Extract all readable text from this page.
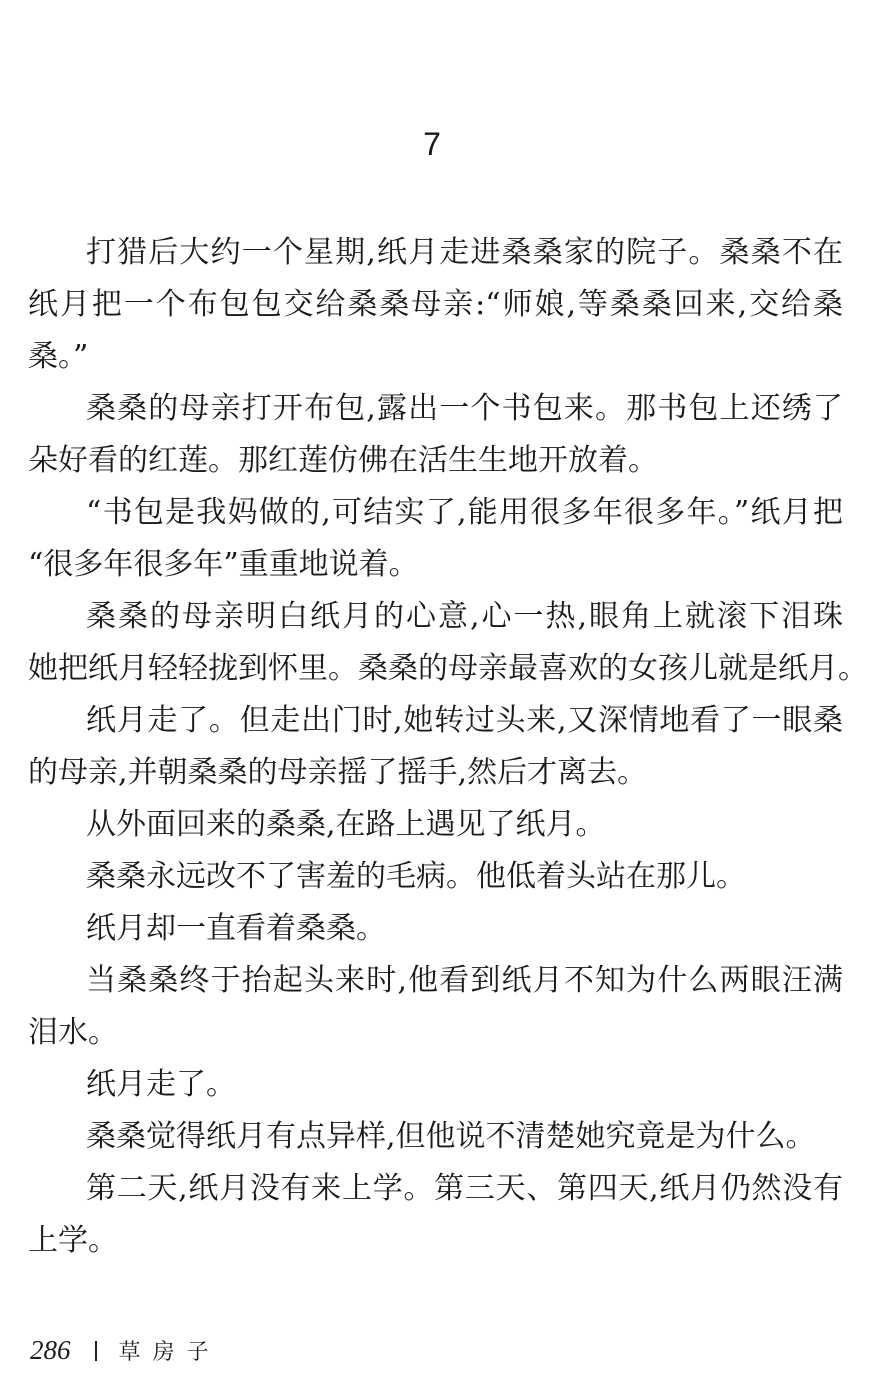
7
打猎后大约一个星期,纸月走进桑桑家的院子。桑桑不在
纸月把一个布包包交给桑桑母亲:“师娘,等桑桑回来,交给桑
桑。”
桑桑的母亲打开布包,露出一个书包来。那书包上还绣了
朵好看的红莲。那红莲仿佛在活生生地开放着。
“书包是我妈做的,可结实了,能用很多年很多年。”纸月把
“很多年很多年”重重地说着。
桑桑的母亲明白纸月的心意,心一热,眼角上就滚下泪珠
她把纸月轻轻拢到怀里。桑桑的母亲最喜欢的女孩儿就是纸月。
纸月走了。但走出门时,她转过头来,又深情地看了一眼桑
的母亲,并朝桑桑的母亲摇了摇手,然后才离去。
从外面回来的桑桑,在路上遇见了纸月。
桑桑永远改不了害羞的毛病。他低着头站在那儿。
纸月却一直看着桑桑。
当桑桑终于抬起头来时,他看到纸月不知为什么两眼汪满
泪水。
纸月走了。
桑桑觉得纸月有点异样,但他说不清楚她究竟是为什么。
第二天,纸月没有来上学。第三天、第四天,纸月仍然没有
上学。
286 草房子
